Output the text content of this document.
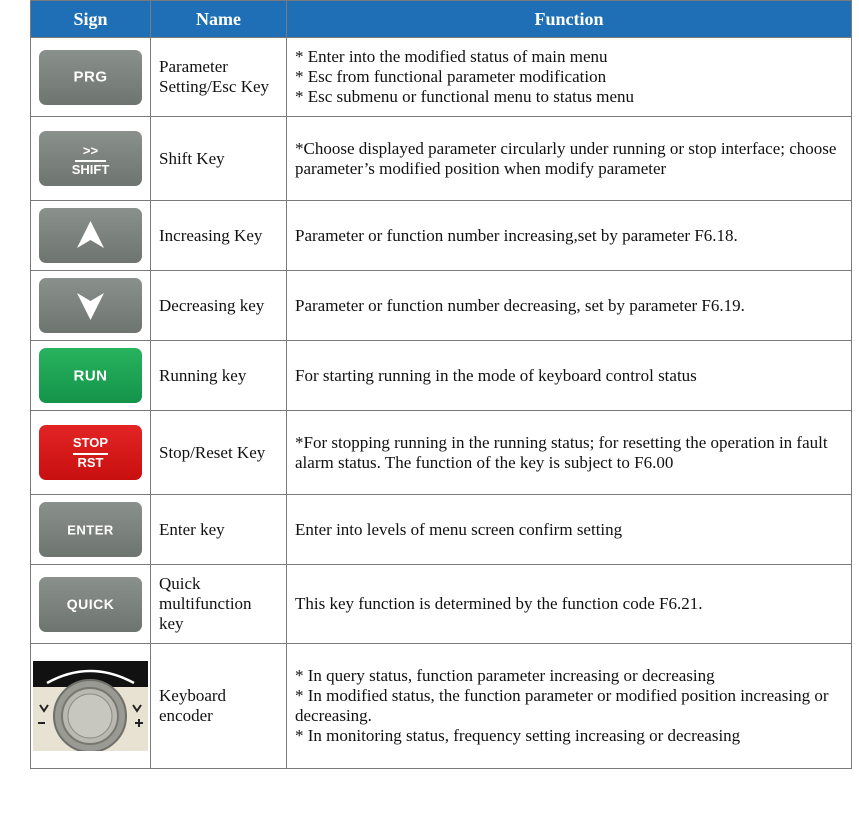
Sign	Name	Function

PRG	Parameter Setting/Esc Key	* Enter into the modified status of main menu
* Esc from functional parameter modification
* Esc submenu or functional menu to status menu

>>
SHIFT	Shift Key	*Choose displayed parameter circularly under running or stop interface; choose parameter’s modified position when modify parameter

	Increasing Key	Parameter or function number increasing,set by parameter F6.18.

	Decreasing key	Parameter or function number decreasing, set by parameter F6.19.

RUN	Running key	For starting running in the mode of keyboard control status

STOP
RST	Stop/Reset Key	*For stopping running in the running status; for resetting the operation in fault alarm status. The function of the key is subject to F6.00

ENTER	Enter key	Enter into levels of menu screen confirm setting

QUICK	Quick multifunction key	This key function is determined by the function code F6.21.

	Keyboard encoder	* In query status, function parameter increasing or decreasing
* In modified status, the function parameter or modified position increasing or decreasing.
* In monitoring status, frequency setting increasing or decreasing
